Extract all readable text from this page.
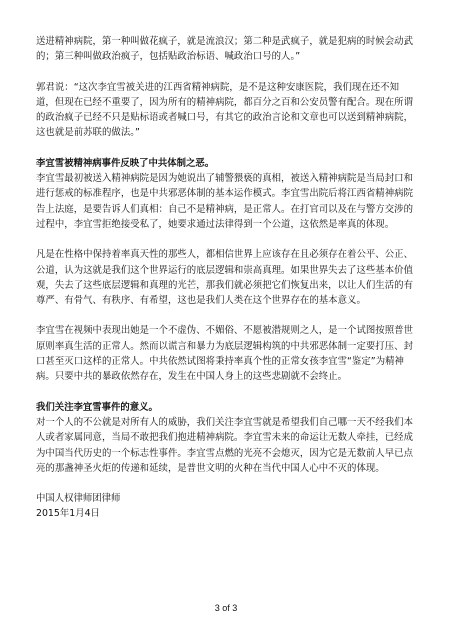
送进精神病院，第一种叫做花疯子，就是流浪汉；第二种是武疯子，就是犯病的时候会动武的；第三种叫做政治疯子，包括贴政治标语、喊政治口号的人。”

郭君说：“这次李宜雪被关进的江西省精神病院，是不是这种安康医院，我们现在还不知道，但现在已经不重要了，因为所有的精神病院，都百分之百和公安员警有配合。现在所谓的政治疯子已经不只是贴标语或者喊口号，有其它的政治言论和文章也可以送到精神病院，这也就是前苏联的做法。”

李宜雪被精神病事件反映了中共体制之恶。

李宜雪最初被送入精神病院是因为她说出了辅警猥亵的真相，被送入精神病院是当局封口和进行惩戒的标准程序，也是中共邪恶体制的基本运作模式。李宜雪出院后将江西省精神病院告上法庭，是要告诉人们真相：自己不是精神病，是正常人。在打官司以及在与警方交涉的过程中，李宜雪拒绝接受私了，她要求通过法律得到一个公道，这依然是率真的体现。

凡是在性格中保持着率真天性的那些人，都相信世界上应该存在且必须存在着公平、公正、公道，认为这就是我们这个世界运行的底层逻辑和崇高真理。如果世界失去了这些基本价值观，失去了这些底层逻辑和真理的光芒，那我们就必须把它们恢复出来，以让人们生活的有尊严、有骨气、有秩序、有希望，这也是我们人类在这个世界存在的基本意义。

李宜雪在视频中表现出她是一个不虚伪、不媚俗、不愿被潜规则之人，是一个试图按照普世原则率真生活的正常人。然而以谎言和暴力为底层逻辑构筑的中共邪恶体制一定要打压、封口甚至灭口这样的正常人。中共依然试图将秉持率真个性的正常女孩李宜雪“鉴定”为精神病。只要中共的暴政依然存在，发生在中国人身上的这些悲剧就不会终止。

我们关注李宜雪事件的意义。

对一个人的不公就是对所有人的威胁，我们关注李宜雪就是希望我们自己哪一天不经我们本人或者家属同意，当局不敢把我们抱进精神病院。李宜雪未来的命运让无数人牵挂，已经成为中国当代历史的一个标志性事件。李宜雪点燃的光亮不会熄灭，因为它是无数前人早已点亮的那盏神圣火炬的传递和延续，是普世文明的火种在当代中国人心中不灭的体现。

中国人权律师团律师

2015年1月4日

3 of 3
